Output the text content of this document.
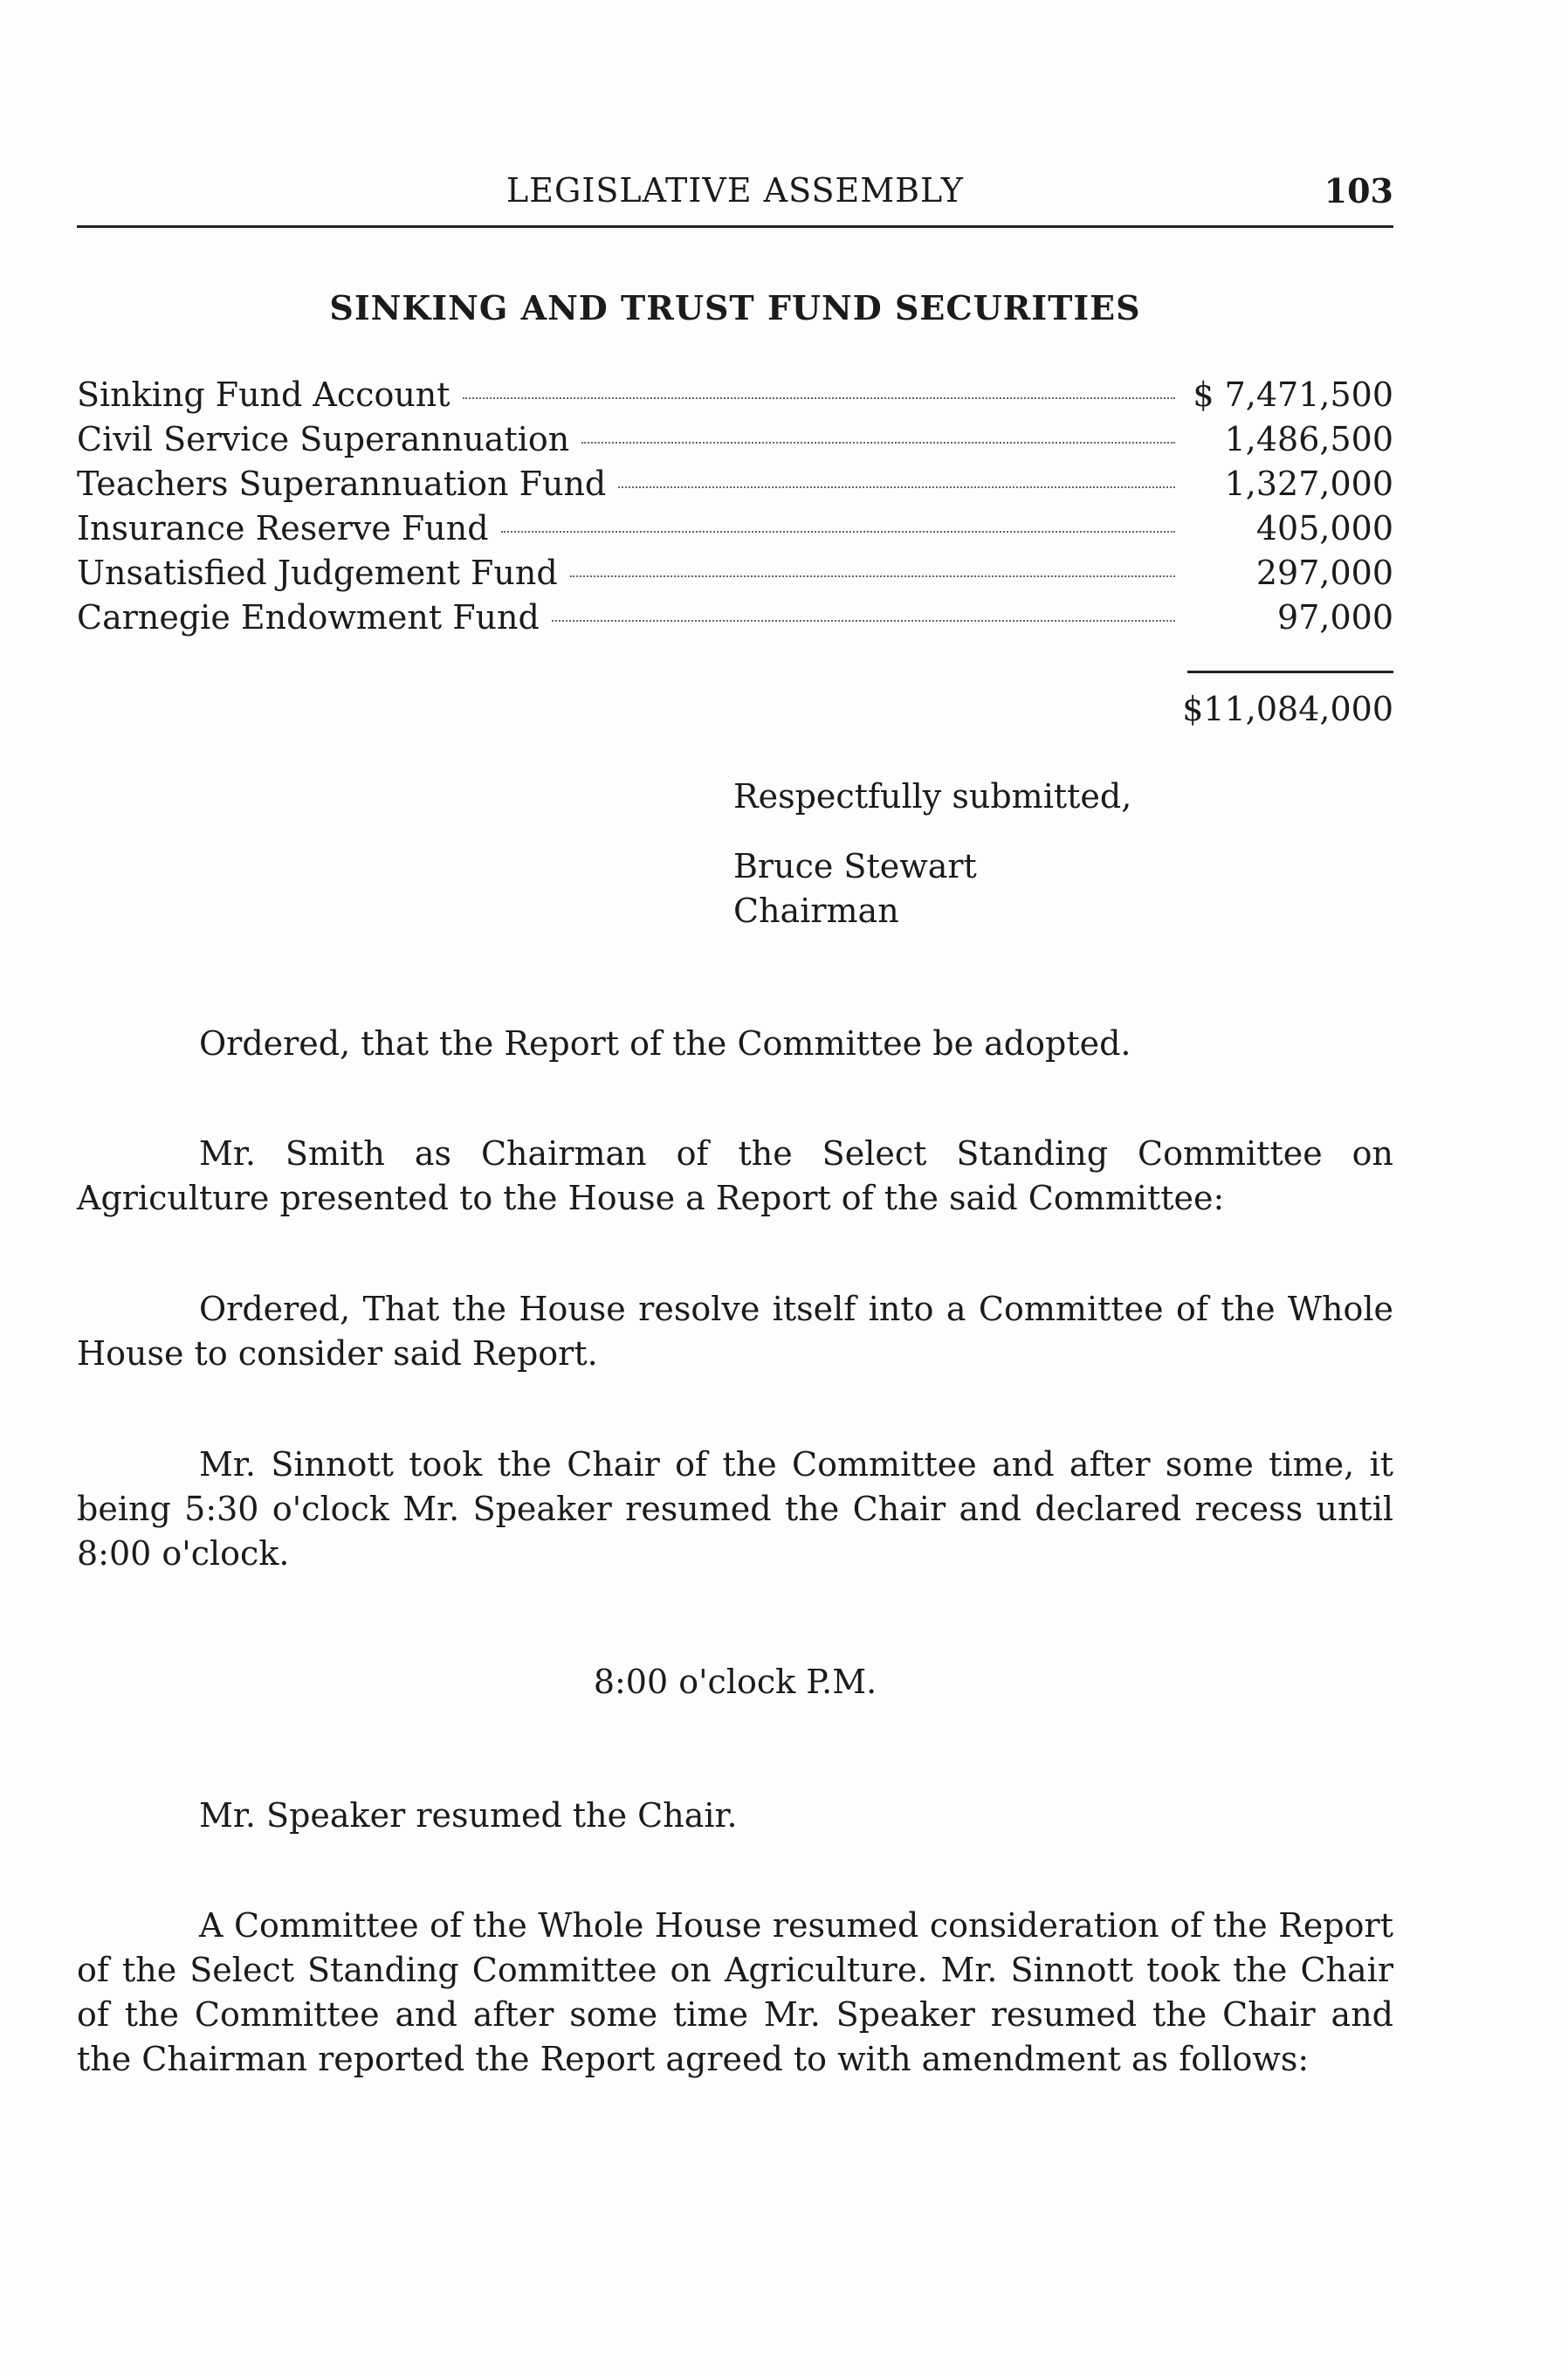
LEGISLATIVE ASSEMBLY	103
SINKING AND TRUST FUND SECURITIES
Sinking Fund Account	$ 7,471,500
Civil Service Superannuation	1,486,500
Teachers Superannuation Fund	1,327,000
Insurance Reserve Fund	405,000
Unsatisfied Judgement Fund	297,000
Carnegie Endowment Fund	97,000
$11,084,000
Respectfully submitted,
Bruce Stewart
Chairman
Ordered, that the Report of the Committee be adopted.
Mr. Smith as Chairman of the Select Standing Committee on Agriculture presented to the House a Report of the said Committee:
Ordered, That the House resolve itself into a Committee of the Whole House to consider said Report.
Mr. Sinnott took the Chair of the Committee and after some time, it being 5:30 o'clock Mr. Speaker resumed the Chair and declared recess until 8:00 o'clock.
8:00 o'clock P.M.
Mr. Speaker resumed the Chair.
A Committee of the Whole House resumed consideration of the Report of the Select Standing Committee on Agriculture. Mr. Sinnott took the Chair of the Committee and after some time Mr. Speaker resumed the Chair and the Chairman reported the Report agreed to with amendment as follows:
